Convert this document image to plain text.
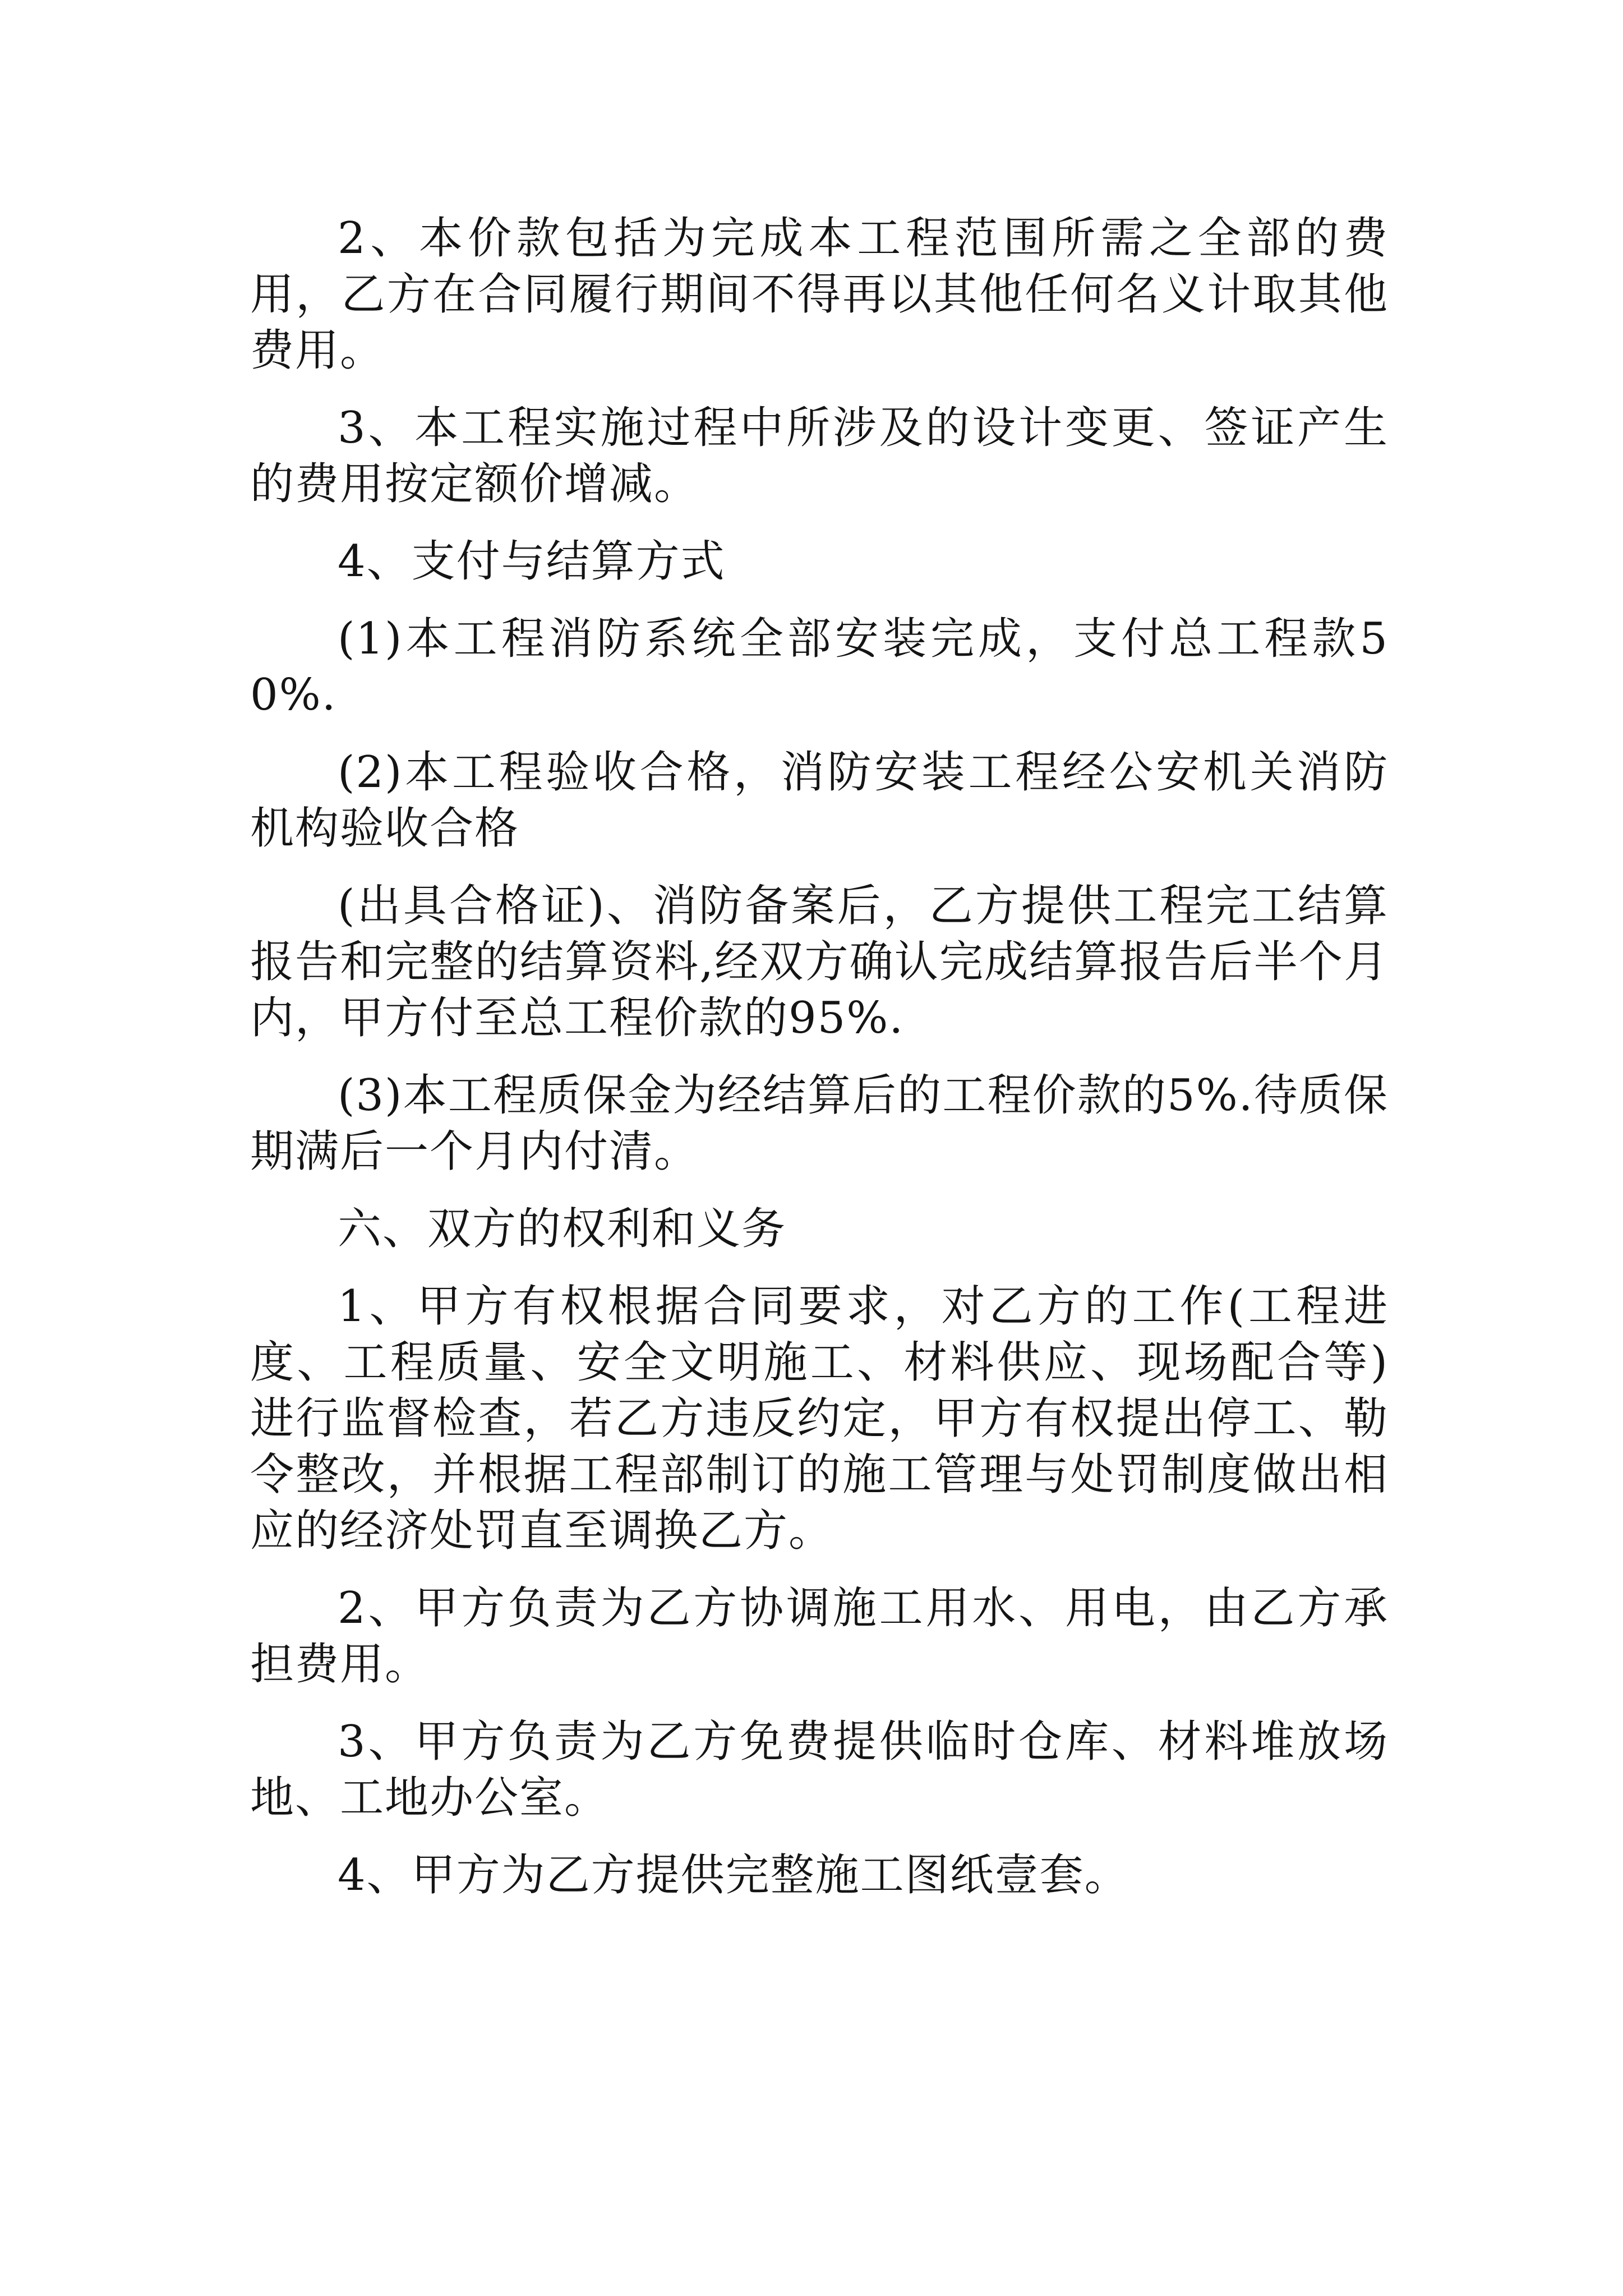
2、本价款包括为完成本工程范围所需之全部的费用，乙方在合同履行期间不得再以其他任何名义计取其他费用。

3、本工程实施过程中所涉及的设计变更、签证产生的费用按定额价增减。

4、支付与结算方式

(1)本工程消防系统全部安装完成，支付总工程款50%.

(2)本工程验收合格，消防安装工程经公安机关消防机构验收合格

(出具合格证)、消防备案后，乙方提供工程完工结算报告和完整的结算资料,经双方确认完成结算报告后半个月内，甲方付至总工程价款的95%.

(3)本工程质保金为经结算后的工程价款的5%.待质保期满后一个月内付清。

六、双方的权利和义务

1、甲方有权根据合同要求，对乙方的工作(工程进度、工程质量、安全文明施工、材料供应、现场配合等)进行监督检查，若乙方违反约定，甲方有权提出停工、勒令整改，并根据工程部制订的施工管理与处罚制度做出相应的经济处罚直至调换乙方。

2、甲方负责为乙方协调施工用水、用电，由乙方承担费用。

3、甲方负责为乙方免费提供临时仓库、材料堆放场地、工地办公室。

4、甲方为乙方提供完整施工图纸壹套。
